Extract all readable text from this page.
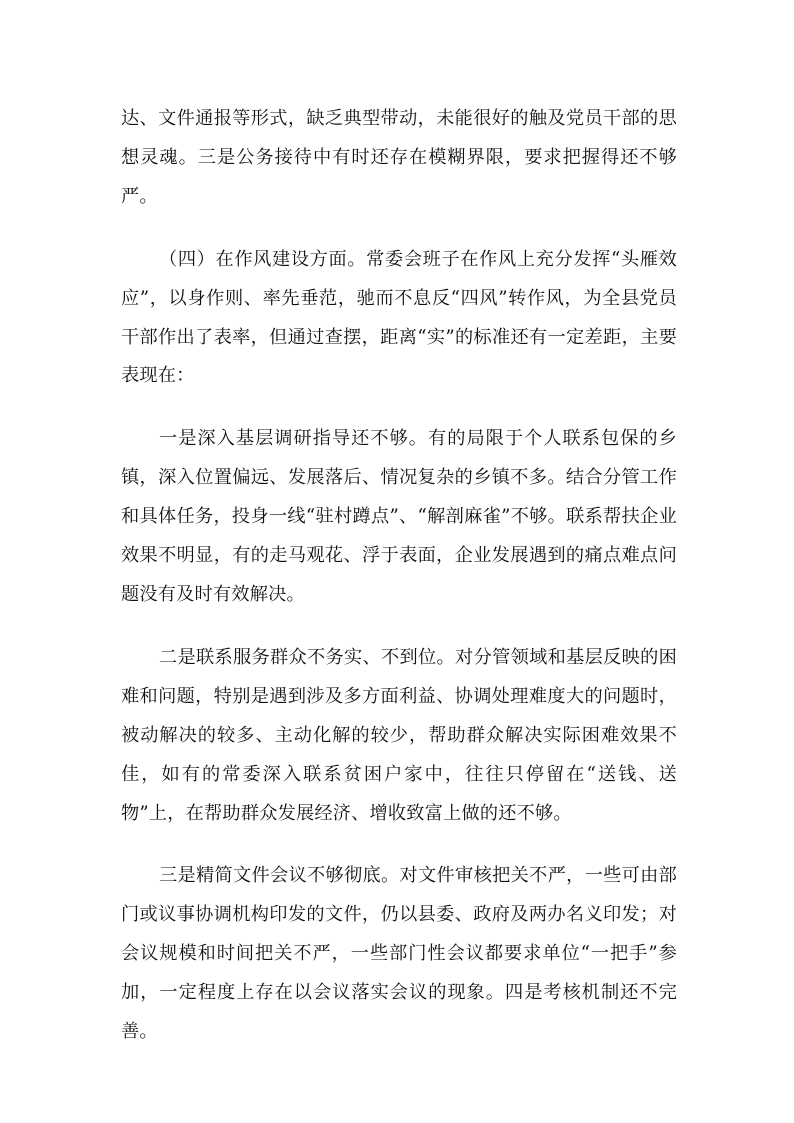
达、文件通报等形式，缺乏典型带动，未能很好的触及党员干部的思想灵魂。三是公务接待中有时还存在模糊界限，要求把握得还不够严。

（四）在作风建设方面。常委会班子在作风上充分发挥“头雁效应”，以身作则、率先垂范，驰而不息反“四风”转作风，为全县党员干部作出了表率，但通过查摆，距离“实”的标准还有一定差距，主要表现在：

一是深入基层调研指导还不够。有的局限于个人联系包保的乡镇，深入位置偏远、发展落后、情况复杂的乡镇不多。结合分管工作和具体任务，投身一线“驻村蹲点”、“解剖麻雀”不够。联系帮扶企业效果不明显，有的走马观花、浮于表面，企业发展遇到的痛点难点问题没有及时有效解决。

二是联系服务群众不务实、不到位。对分管领域和基层反映的困难和问题，特别是遇到涉及多方面利益、协调处理难度大的问题时，被动解决的较多、主动化解的较少，帮助群众解决实际困难效果不佳，如有的常委深入联系贫困户家中，往往只停留在“送钱、送物”上，在帮助群众发展经济、增收致富上做的还不够。

三是精简文件会议不够彻底。对文件审核把关不严，一些可由部门或议事协调机构印发的文件，仍以县委、政府及两办名义印发；对会议规模和时间把关不严，一些部门性会议都要求单位“一把手”参加，一定程度上存在以会议落实会议的现象。四是考核机制还不完善。
